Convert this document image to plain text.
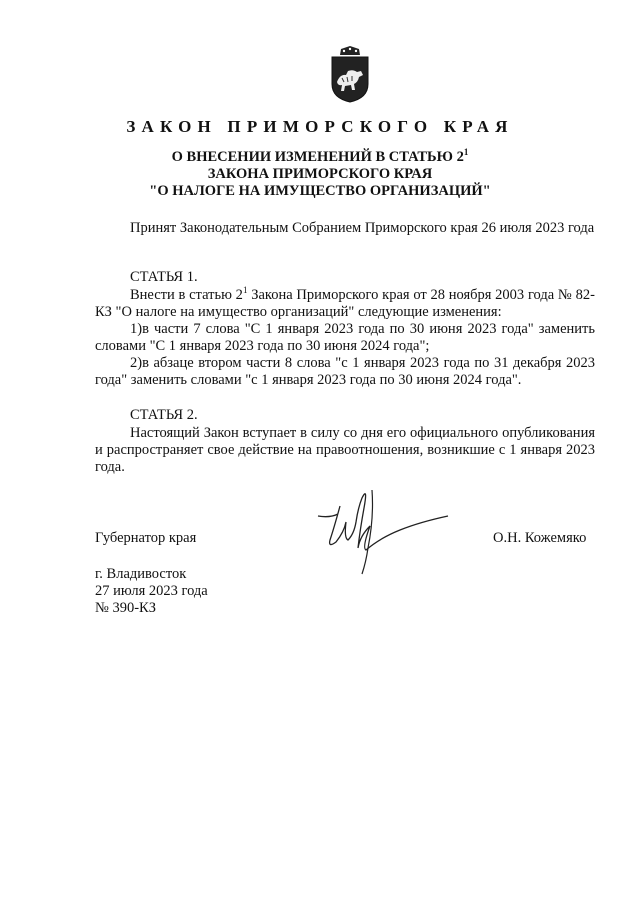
ЗАКОН ПРИМОРСКОГО КРАЯ
О ВНЕСЕНИИ ИЗМЕНЕНИЙ В СТАТЬЮ $2^1$
ЗАКОНА ПРИМОРСКОГО КРАЯ
"О НАЛОГЕ НА ИМУЩЕСТВО ОРГАНИЗАЦИЙ"
Принят Законодательным Собранием Приморского края 26 июля 2023 года
СТАТЬЯ 1.
Внести в статью $2^1$ Закона Приморского края от 28 ноября 2003 года № 82-КЗ "О налоге на имущество организаций" следующие изменения:
1)в части 7 слова "С 1 января 2023 года по 30 июня 2023 года" заменить словами "С 1 января 2023 года по 30 июня 2024 года";
2)в абзаце втором части 8 слова "с 1 января 2023 года по 31 декабря 2023 года" заменить словами "с 1 января 2023 года по 30 июня 2024 года".
СТАТЬЯ 2.
Настоящий Закон вступает в силу со дня его официального опубликования и распространяет свое действие на правоотношения, возникшие с 1 января 2023 года.
Губернатор края	О.Н. Кожемяко
г. Владивосток
27 июля 2023 года
№ 390-КЗ
